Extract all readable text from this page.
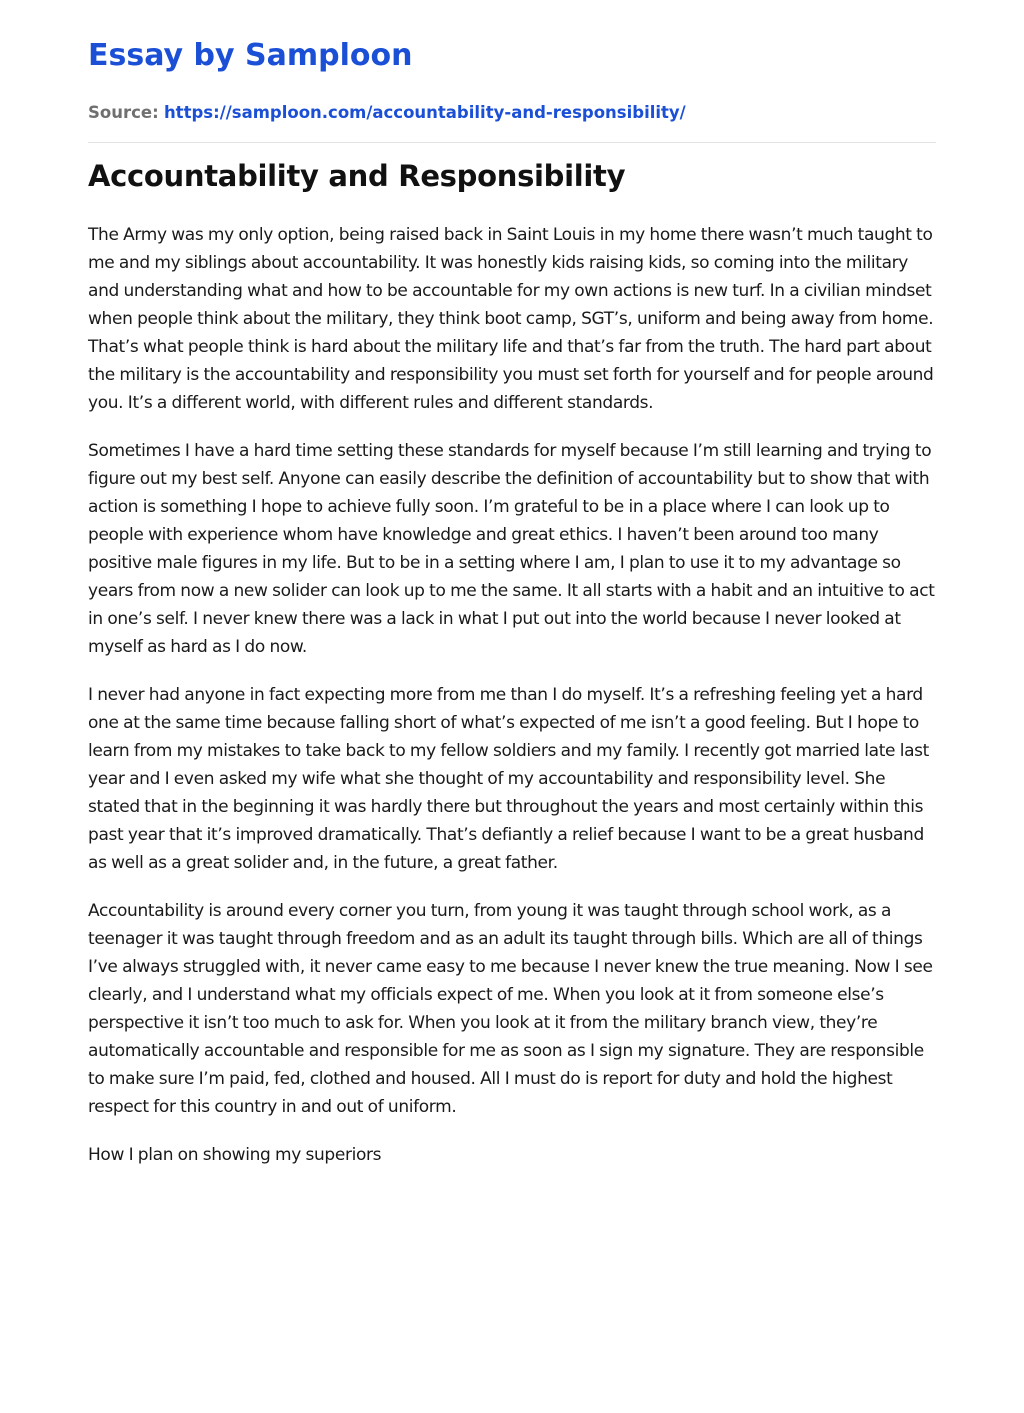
Essay by Samploon
Source: https://samploon.com/accountability-and-responsibility/
Accountability and Responsibility

The Army was my only option, being raised back in Saint Louis in my home there wasn’t much taught to me and my siblings about accountability. It was honestly kids raising kids, so coming into the military and understanding what and how to be accountable for my own actions is new turf. In a civilian mindset when people think about the military, they think boot camp, SGT’s, uniform and being away from home. That’s what people think is hard about the military life and that’s far from the truth. The hard part about the military is the accountability and responsibility you must set forth for yourself and for people around you. It’s a different world, with different rules and different standards.

Sometimes I have a hard time setting these standards for myself because I’m still learning and trying to figure out my best self. Anyone can easily describe the definition of accountability but to show that with action is something I hope to achieve fully soon. I’m grateful to be in a place where I can look up to people with experience whom have knowledge and great ethics. I haven’t been around too many positive male figures in my life. But to be in a setting where I am, I plan to use it to my advantage so years from now a new solider can look up to me the same. It all starts with a habit and an intuitive to act in one’s self. I never knew there was a lack in what I put out into the world because I never looked at myself as hard as I do now.

I never had anyone in fact expecting more from me than I do myself. It’s a refreshing feeling yet a hard one at the same time because falling short of what’s expected of me isn’t a good feeling. But I hope to learn from my mistakes to take back to my fellow soldiers and my family. I recently got married late last year and I even asked my wife what she thought of my accountability and responsibility level. She stated that in the beginning it was hardly there but throughout the years and most certainly within this past year that it’s improved dramatically. That’s defiantly a relief because I want to be a great husband as well as a great solider and, in the future, a great father.

Accountability is around every corner you turn, from young it was taught through school work, as a teenager it was taught through freedom and as an adult its taught through bills. Which are all of things I’ve always struggled with, it never came easy to me because I never knew the true meaning. Now I see clearly, and I understand what my officials expect of me. When you look at it from someone else’s perspective it isn’t too much to ask for. When you look at it from the military branch view, they’re automatically accountable and responsible for me as soon as I sign my signature. They are responsible to make sure I’m paid, fed, clothed and housed. All I must do is report for duty and hold the highest respect for this country in and out of uniform.

How I plan on showing my superiors
